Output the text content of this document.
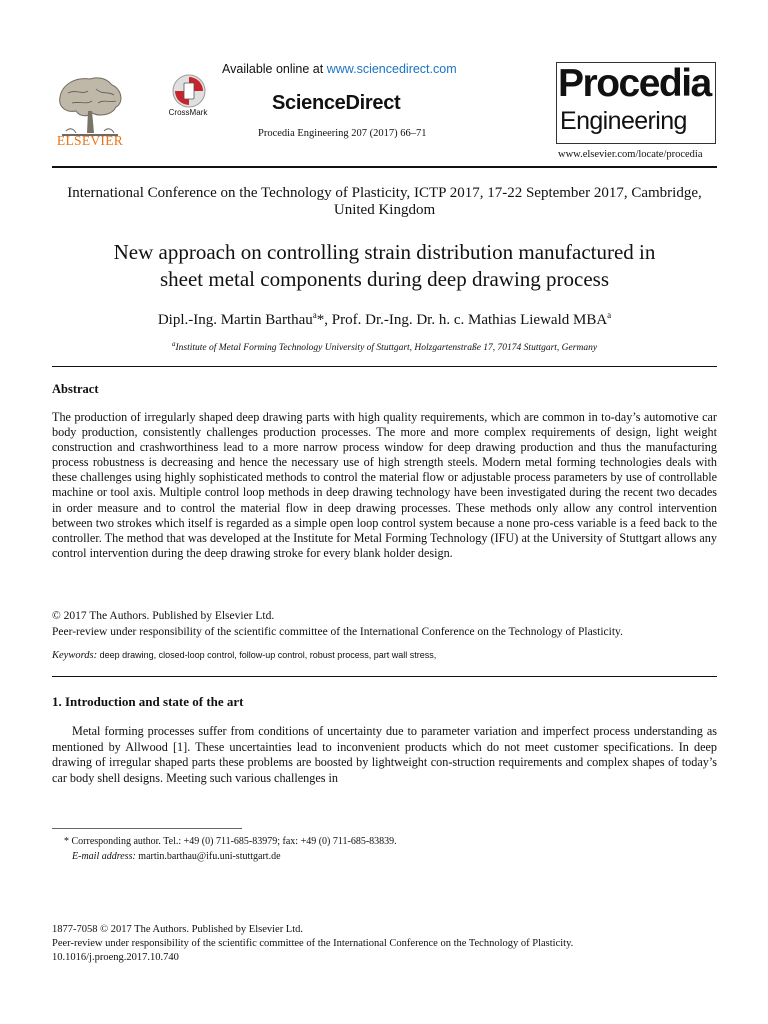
ELSEVIER
CrossMark
Available online at www.sciencedirect.com
ScienceDirect
Procedia Engineering 207 (2017) 66–71
Procedia
Engineering
www.elsevier.com/locate/procedia
International Conference on the Technology of Plasticity, ICTP 2017, 17-22 September 2017, Cambridge, United Kingdom
New approach on controlling strain distribution manufactured in
sheet metal components during deep drawing process
Dipl.-Ing. Martin Barthau$^a$*, Prof. Dr.-Ing. Dr. h. c. Mathias Liewald MBA$^a$
$^a$Institute of Metal Forming Technology University of Stuttgart, Holzgartenstraße 17, 70174 Stuttgart, Germany
Abstract
The production of irregularly shaped deep drawing parts with high quality requirements, which are common in to-day’s automotive car body production, consistently challenges production processes. The more and more complex requirements of design, light weight construction and crashworthiness lead to a more narrow process window for deep drawing production and thus the manufacturing process robustness is decreasing and hence the necessary use of high strength steels. Modern metal forming technologies deals with these challenges using highly sophisticated methods to control the material flow or adjustable process parameters by use of controllable machine or tool axis. Multiple control loop methods in deep drawing technology have been investigated during the recent two decades in order measure and to control the material flow in deep drawing processes. These methods only allow any control intervention between two strokes which itself is regarded as a simple open loop control system because a none pro-cess variable is a feed back to the controller. The method that was developed at the Institute for Metal Forming Technology (IFU) at the University of Stuttgart allows any control intervention during the deep drawing stroke for every blank holder design.
© 2017 The Authors. Published by Elsevier Ltd.
Peer-review under responsibility of the scientific committee of the International Conference on the Technology of Plasticity.
Keywords: deep drawing, closed-loop control, follow-up control, robust process, part wall stress,
1. Introduction and state of the art
Metal forming processes suffer from conditions of uncertainty due to parameter variation and imperfect process understanding as mentioned by Allwood [1]. These uncertainties lead to inconvenient products which do not meet customer specifications. In deep drawing of irregular shaped parts these problems are boosted by lightweight con-struction requirements and complex shapes of today’s car body shell designs. Meeting such various challenges in
* Corresponding author. Tel.: +49 (0) 711-685-83979; fax: +49 (0) 711-685-83839.
E-mail address: martin.barthau@ifu.uni-stuttgart.de
1877-7058 © 2017 The Authors. Published by Elsevier Ltd.
Peer-review under responsibility of the scientific committee of the International Conference on the Technology of Plasticity.
10.1016/j.proeng.2017.10.740
